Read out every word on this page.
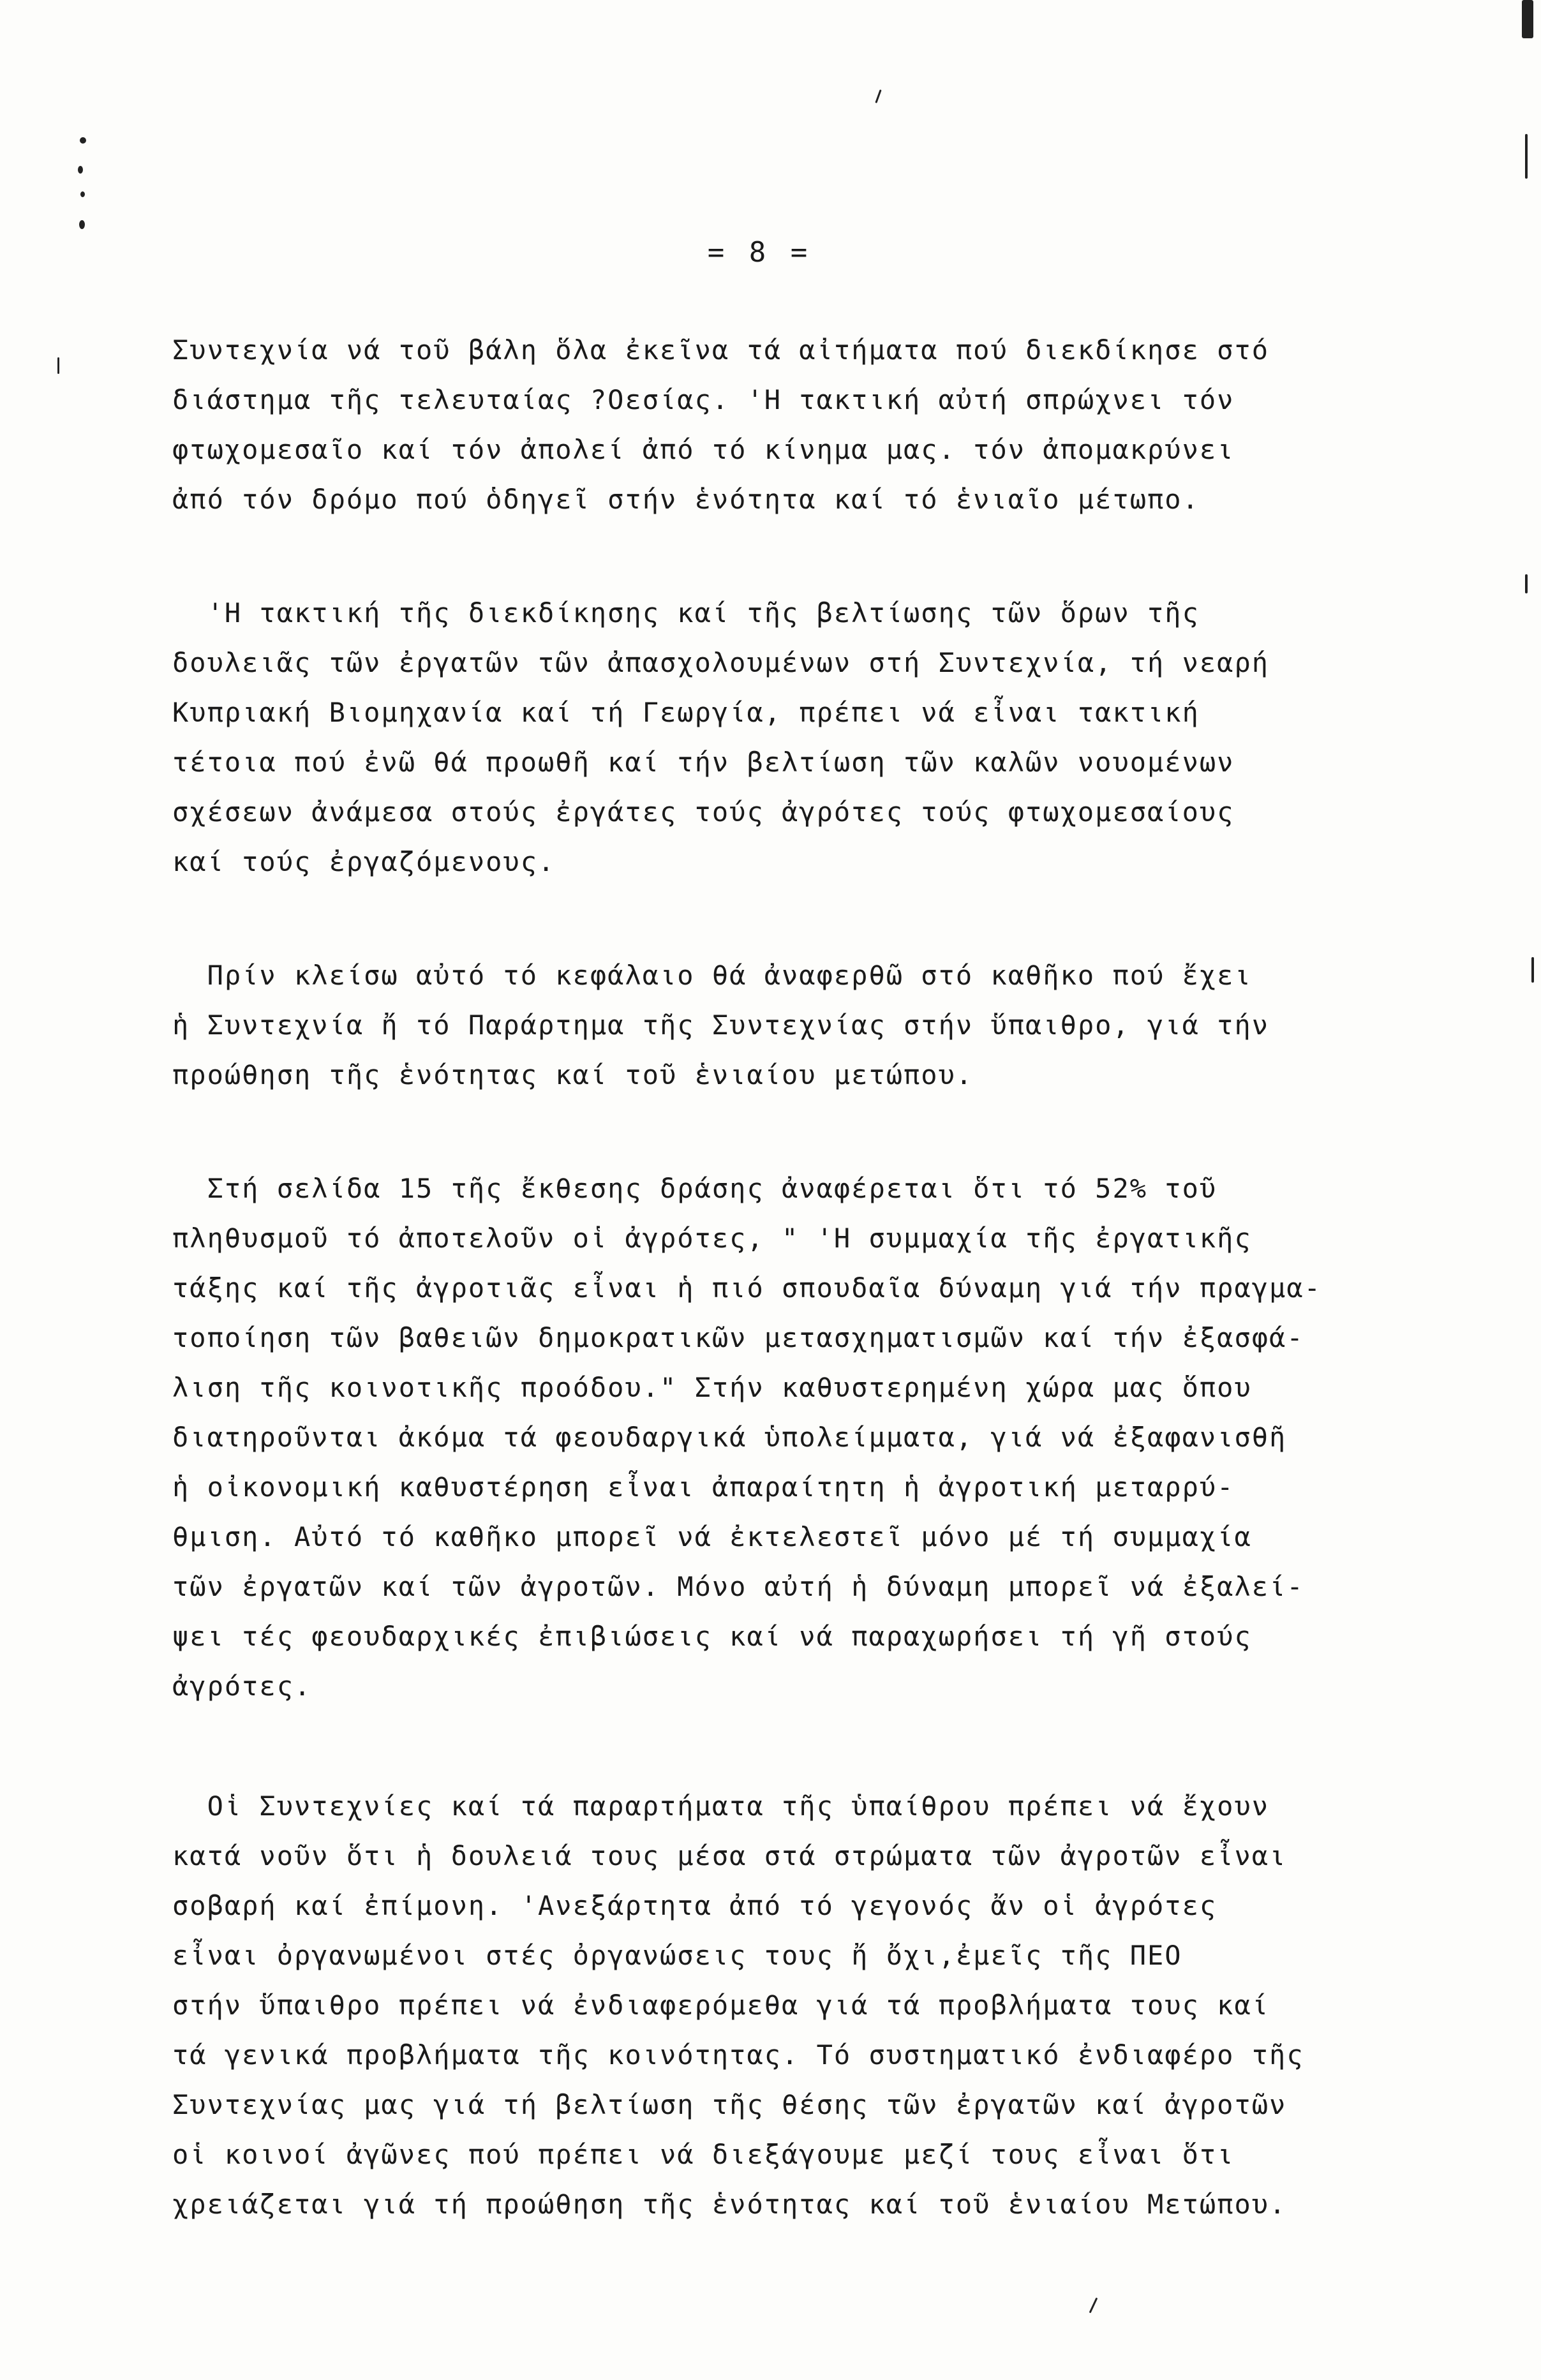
= 8 =
Συντεχνία νά τοῦ βάλη ὅλα ἐκεῖνα τά αἰτήματα πού διεκδίκησε στό
διάστημα τῆς τελευταίας ?Οεσίας. 'Η τακτική αὐτή σπρώχνει τόν
φτωχομεσαῖο καί τόν ἀπολεί ἀπό τό κίνημα μας. τόν ἀπομακρύνει
ἀπό τόν δρόμο πού ὁδηγεῖ στήν ἑνότητα καί τό ἑνιαῖο μέτωπο.
'Η τακτική τῆς διεκδίκησης καί τῆς βελτίωσης τῶν ὅρων τῆς
δουλειᾶς τῶν ἐργατῶν τῶν ἀπασχολουμένων στή Συντεχνία, τή νεαρή
Κυπριακή Βιομηχανία καί τή Γεωργία, πρέπει νά εἶναι τακτική
τέτοια πού ἐνῶ θά προωθῆ καί τήν βελτίωση τῶν καλῶν νουομένων
σχέσεων ἀνάμεσα στούς ἐργάτες τούς ἀγρότες τούς φτωχομεσαίους
καί τούς ἐργαζόμενους.
Πρίν κλείσω αὐτό τό κεφάλαιο θά ἀναφερθῶ στό καθῆκο πού ἔχει
ἡ Συντεχνία ἤ τό Παράρτημα τῆς Συντεχνίας στήν ὕπαιθρο, γιά τήν
προώθηση τῆς ἑνότητας καί τοῦ ἑνιαίου μετώπου.
Στή σελίδα 15 τῆς ἔκθεσης δράσης ἀναφέρεται ὅτι τό 52% τοῦ
πληθυσμοῦ τό ἀποτελοῦν οἱ ἀγρότες, " 'Η συμμαχία τῆς ἐργατικῆς
τάξης καί τῆς ἀγροτιᾶς εἶναι ἡ πιό σπουδαῖα δύναμη γιά τήν πραγμα-
τοποίηση τῶν βαθειῶν δημοκρατικῶν μετασχηματισμῶν καί τήν ἐξασφά-
λιση τῆς κοινοτικῆς προόδου." Στήν καθυστερημένη χώρα μας ὅπου
διατηροῦνται ἀκόμα τά φεουδαργικά ὑπολείμματα, γιά νά ἐξαφανισθῆ
ἡ οἰκονομική καθυστέρηση εἶναι ἀπαραίτητη ἡ ἀγροτική μεταρρύ-
θμιση. Αὐτό τό καθῆκο μπορεῖ νά ἐκτελεστεῖ μόνο μέ τή συμμαχία
τῶν ἐργατῶν καί τῶν ἀγροτῶν. Μόνο αὐτή ἡ δύναμη μπορεῖ νά ἐξαλεί-
ψει τές φεουδαρχικές ἐπιβιώσεις καί νά παραχωρήσει τή γῆ στούς
ἀγρότες.
Οἱ Συντεχνίες καί τά παραρτήματα τῆς ὑπαίθρου πρέπει νά ἔχουν
κατά νοῦν ὅτι ἡ δουλειά τους μέσα στά στρώματα τῶν ἀγροτῶν εἶναι
σοβαρή καί ἐπίμονη. 'Ανεξάρτητα ἀπό τό γεγονός ἄν οἱ ἀγρότες
εἶναι ὀργανωμένοι στές ὀργανώσεις τους ἤ ὄχι,ἐμεῖς τῆς ΠΕΟ
στήν ὕπαιθρο πρέπει νά ἐνδιαφερόμεθα γιά τά προβλήματα τους καί
τά γενικά προβλήματα τῆς κοινότητας. Τό συστηματικό ἐνδιαφέρο τῆς
Συντεχνίας μας γιά τή βελτίωση τῆς θέσης τῶν ἐργατῶν καί ἀγροτῶν
οἱ κοινοί ἀγῶνες πού πρέπει νά διεξάγουμε μεζί τους εἶναι ὅτι
χρειάζεται γιά τή προώθηση τῆς ἑνότητας καί τοῦ ἑνιαίου Μετώπου.
